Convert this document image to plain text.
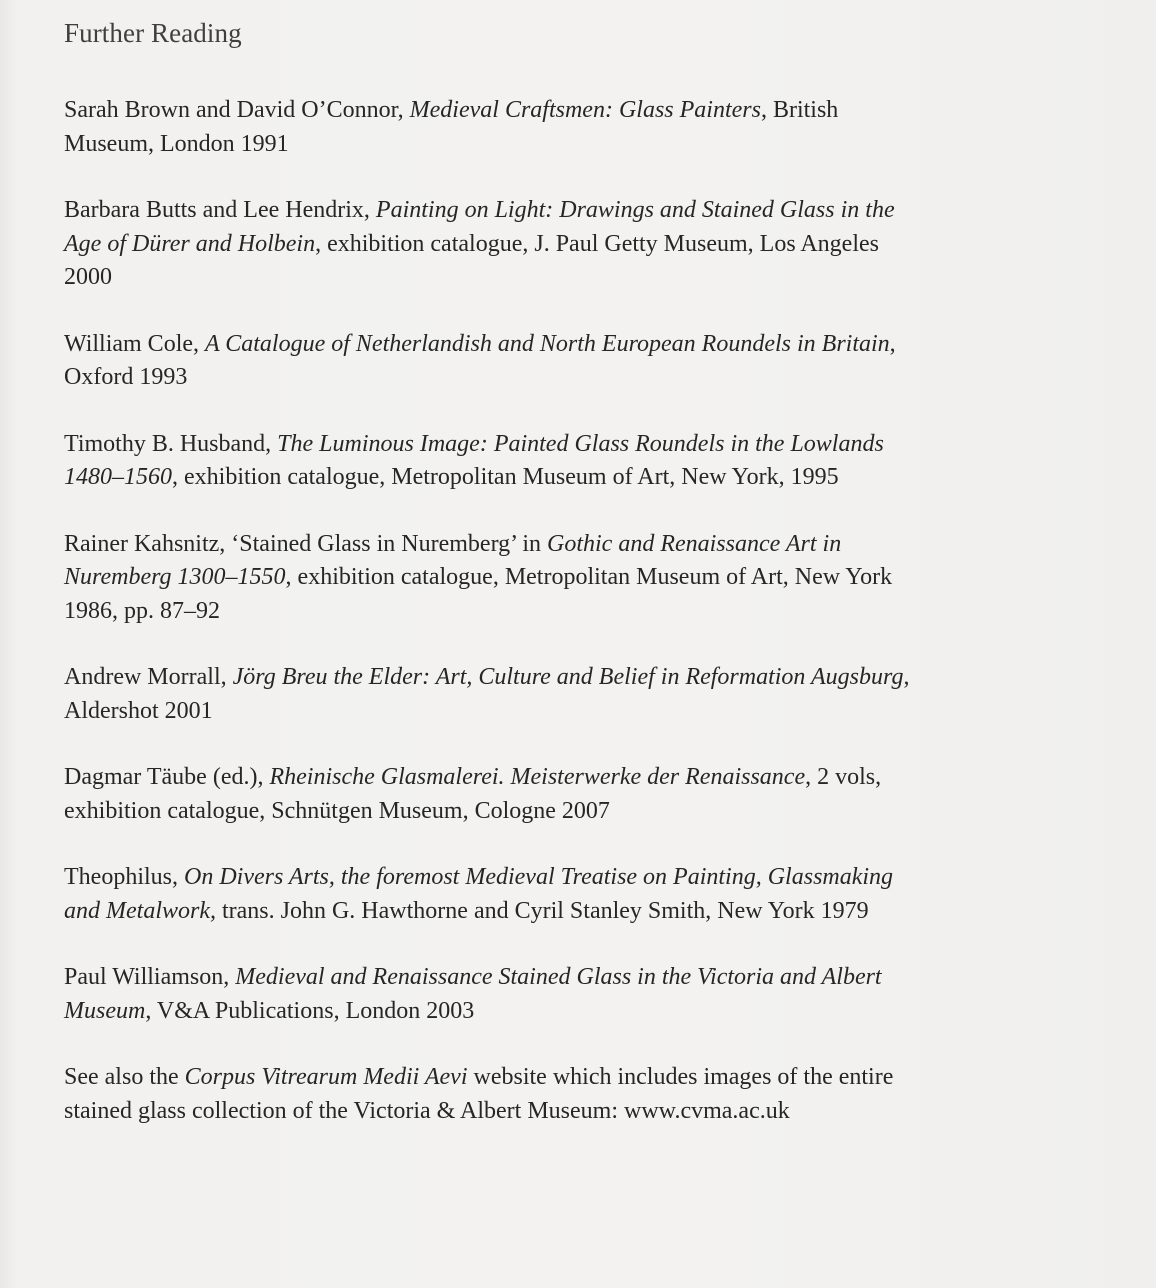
Further Reading
Sarah Brown and David O’Connor, Medieval Craftsmen: Glass Painters, British Museum, London 1991
Barbara Butts and Lee Hendrix, Painting on Light: Drawings and Stained Glass in the Age of Dürer and Holbein, exhibition catalogue, J. Paul Getty Museum, Los Angeles 2000
William Cole, A Catalogue of Netherlandish and North European Roundels in Britain, Oxford 1993
Timothy B. Husband, The Luminous Image: Painted Glass Roundels in the Lowlands 1480–1560, exhibition catalogue, Metropolitan Museum of Art, New York, 1995
Rainer Kahsnitz, ‘Stained Glass in Nuremberg’ in Gothic and Renaissance Art in Nuremberg 1300–1550, exhibition catalogue, Metropolitan Museum of Art, New York 1986, pp. 87–92
Andrew Morrall, Jörg Breu the Elder: Art, Culture and Belief in Reformation Augsburg, Aldershot 2001
Dagmar Täube (ed.), Rheinische Glasmalerei. Meisterwerke der Renaissance, 2 vols, exhibition catalogue, Schnütgen Museum, Cologne 2007
Theophilus, On Divers Arts, the foremost Medieval Treatise on Painting, Glassmaking and Metalwork, trans. John G. Hawthorne and Cyril Stanley Smith, New York 1979
Paul Williamson, Medieval and Renaissance Stained Glass in the Victoria and Albert Museum, V&A Publications, London 2003
See also the Corpus Vitrearum Medii Aevi website which includes images of the entire stained glass collection of the Victoria & Albert Museum: www.cvma.ac.uk
